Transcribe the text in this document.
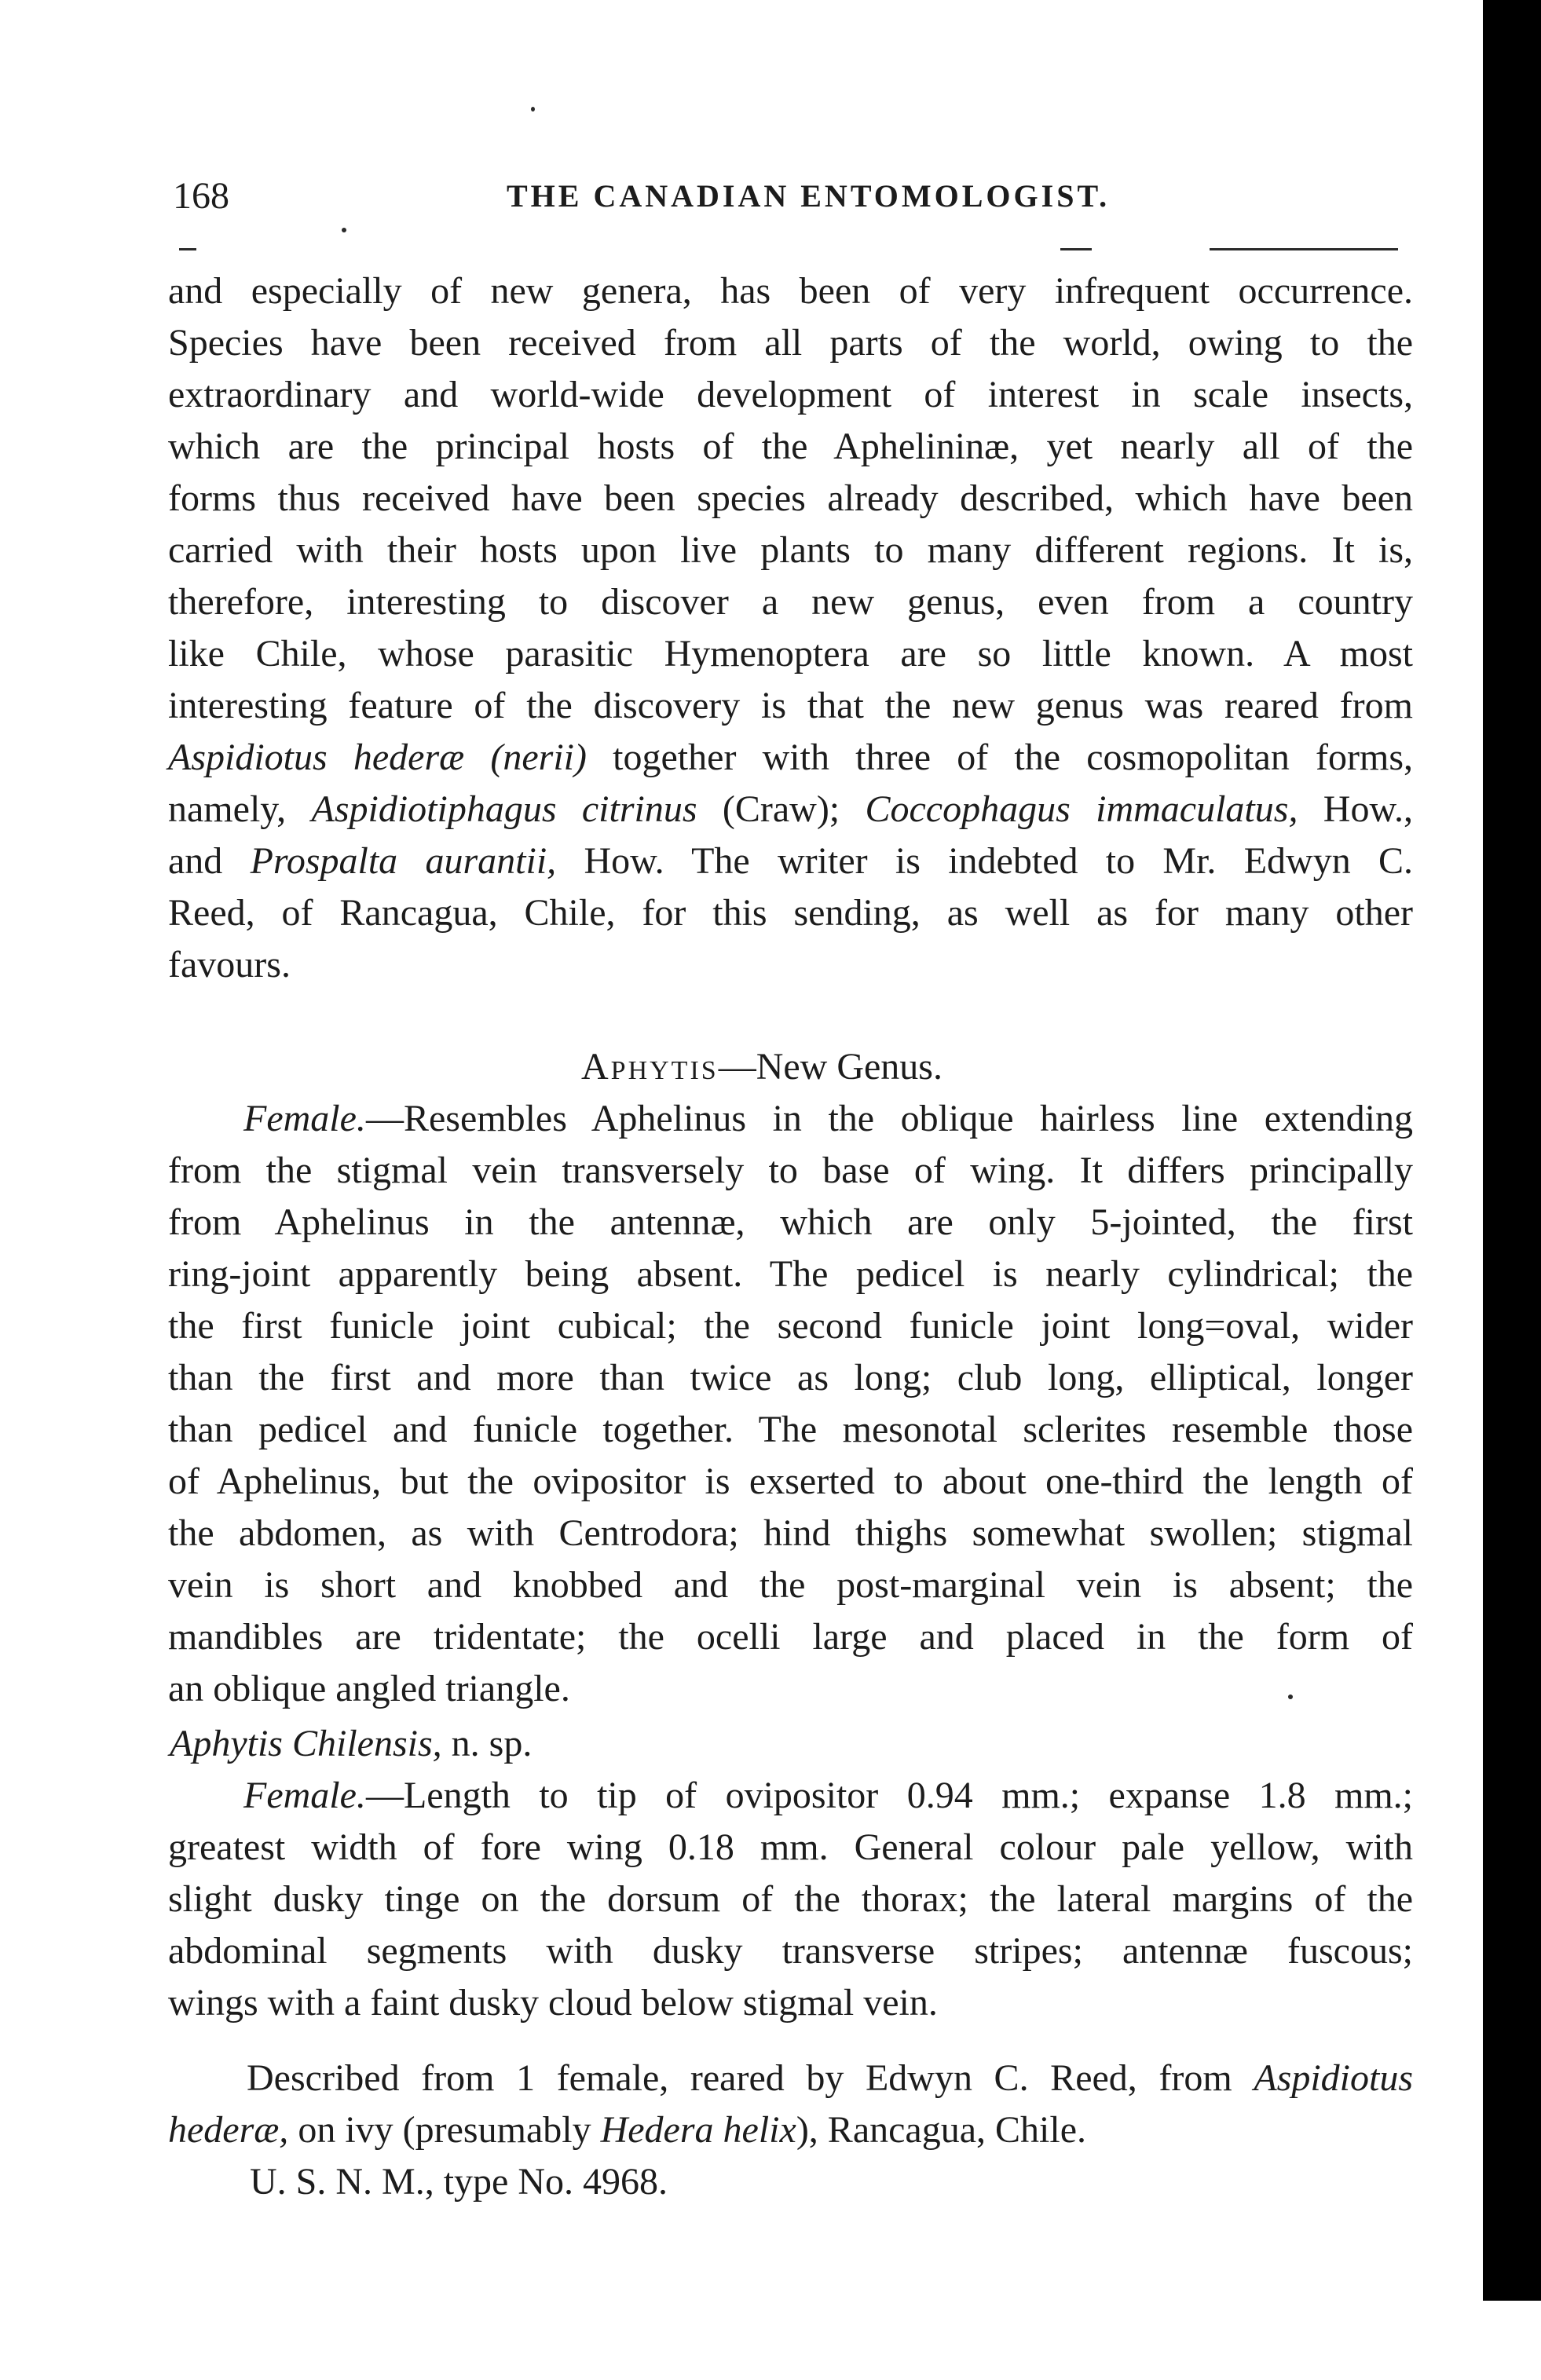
168	THE CANADIAN ENTOMOLOGIST.
and especially of new genera, has been of very infrequent occurrence.
Species have been received from all parts of the world, owing to the
extraordinary and world-wide development of interest in scale insects,
which are the principal hosts of the Aphelininæ, yet nearly all of the
forms thus received have been species already described, which have been
carried with their hosts upon live plants to many different regions. It is,
therefore, interesting to discover a new genus, even from a country
like Chile, whose parasitic Hymenoptera are so little known. A most
interesting feature of the discovery is that the new genus was reared from
Aspidiotus hederæ (nerii) together with three of the cosmopolitan forms,
namely, Aspidiotiphagus citrinus (Craw); Coccophagus immaculatus, How.,
and Prospalta aurantii, How. The writer is indebted to Mr. Edwyn C.
Reed, of Rancagua, Chile, for this sending, as well as for many other
favours.
Aphytis—New Genus.
Female.—Resembles Aphelinus in the oblique hairless line extending
from the stigmal vein transversely to base of wing. It differs principally
from Aphelinus in the antennæ, which are only 5-jointed, the first
ring-joint apparently being absent. The pedicel is nearly cylindrical; the
the first funicle joint cubical; the second funicle joint long=oval, wider
than the first and more than twice as long; club long, elliptical, longer
than pedicel and funicle together. The mesonotal sclerites resemble those
of Aphelinus, but the ovipositor is exserted to about one-third the length of
the abdomen, as with Centrodora; hind thighs somewhat swollen; stigmal
vein is short and knobbed and the post-marginal vein is absent; the
mandibles are tridentate; the ocelli large and placed in the form of
an oblique angled triangle.
Aphytis Chilensis, n. sp.
Female.—Length to tip of ovipositor 0.94 mm.; expanse 1.8 mm.;
greatest width of fore wing 0.18 mm. General colour pale yellow, with
slight dusky tinge on the dorsum of the thorax; the lateral margins of the
abdominal segments with dusky transverse stripes; antennæ fuscous;
wings with a faint dusky cloud below stigmal vein.
Described from 1 female, reared by Edwyn C. Reed, from Aspidiotus
hederæ, on ivy (presumably Hedera helix), Rancagua, Chile.
U. S. N. M., type No. 4968.
